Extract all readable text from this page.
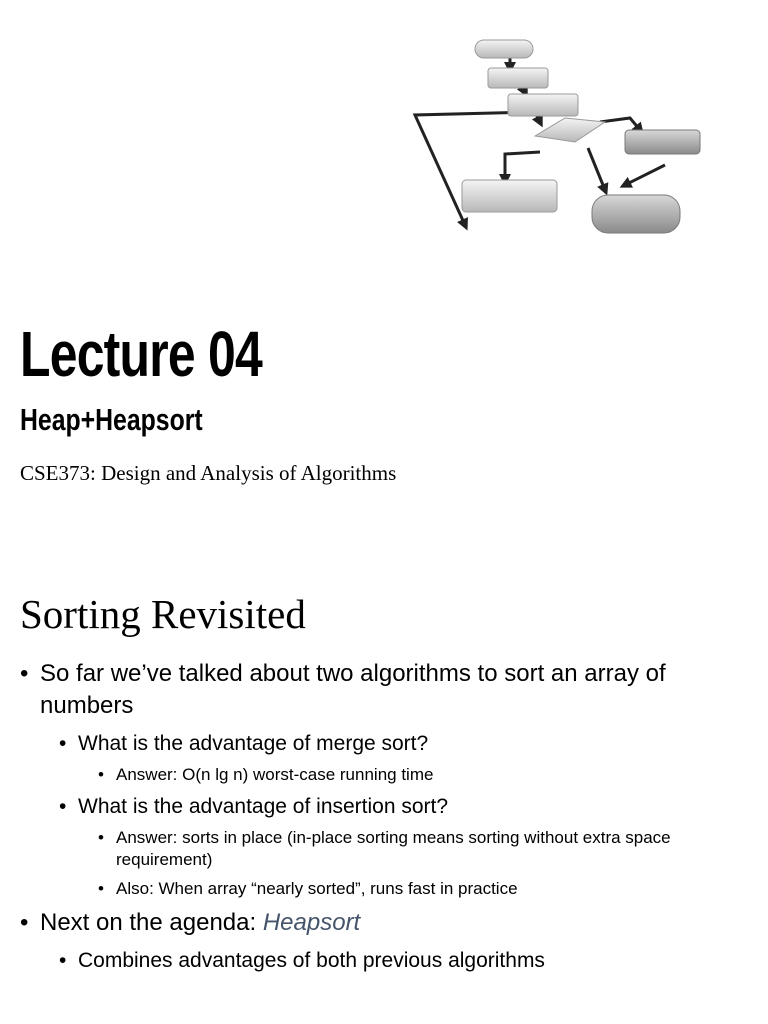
Lecture 04
Heap+Heapsort
CSE373: Design and Analysis of Algorithms
Sorting Revisited
• So far we’ve talked about two algorithms to sort an array of numbers
• What is the advantage of merge sort?
• Answer: O(n lg n) worst-case running time
• What is the advantage of insertion sort?
• Answer: sorts in place (in-place sorting means sorting without extra space requirement)
• Also: When array “nearly sorted”, runs fast in practice
• Next on the agenda: Heapsort
• Combines advantages of both previous algorithms
